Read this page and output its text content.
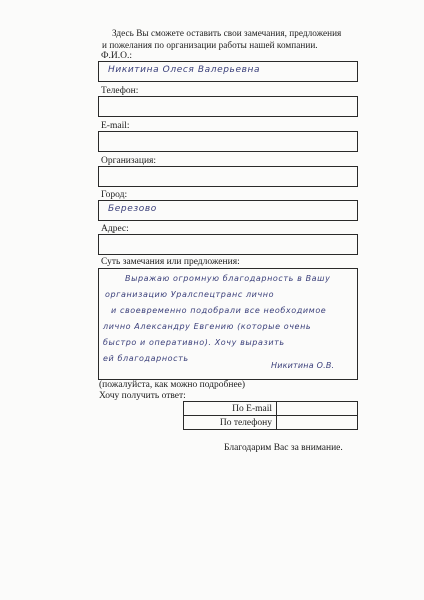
Здесь Вы сможете оставить свои замечания, предложения
и пожелания по организации работы нашей компании.
Ф.И.О.:
Никитина Олеся Валерьевна
Телефон:
E-mail:
Организация:
Город:
Березово
Адрес:
Суть замечания или предложения:
Выражаю огромную благодарность в Вашу
организацию Уралспецтранс лично
и своевременно подобрали все необходимое
лично Александру Евгению (которые очень
быстро и оперативно). Хочу выразить
ей благодарность
Никитина О.В.
(пожалуйста, как можно подробнее)
Хочу получить ответ:
По E-mail	
По телефону	
Благодарим Вас за внимание.
